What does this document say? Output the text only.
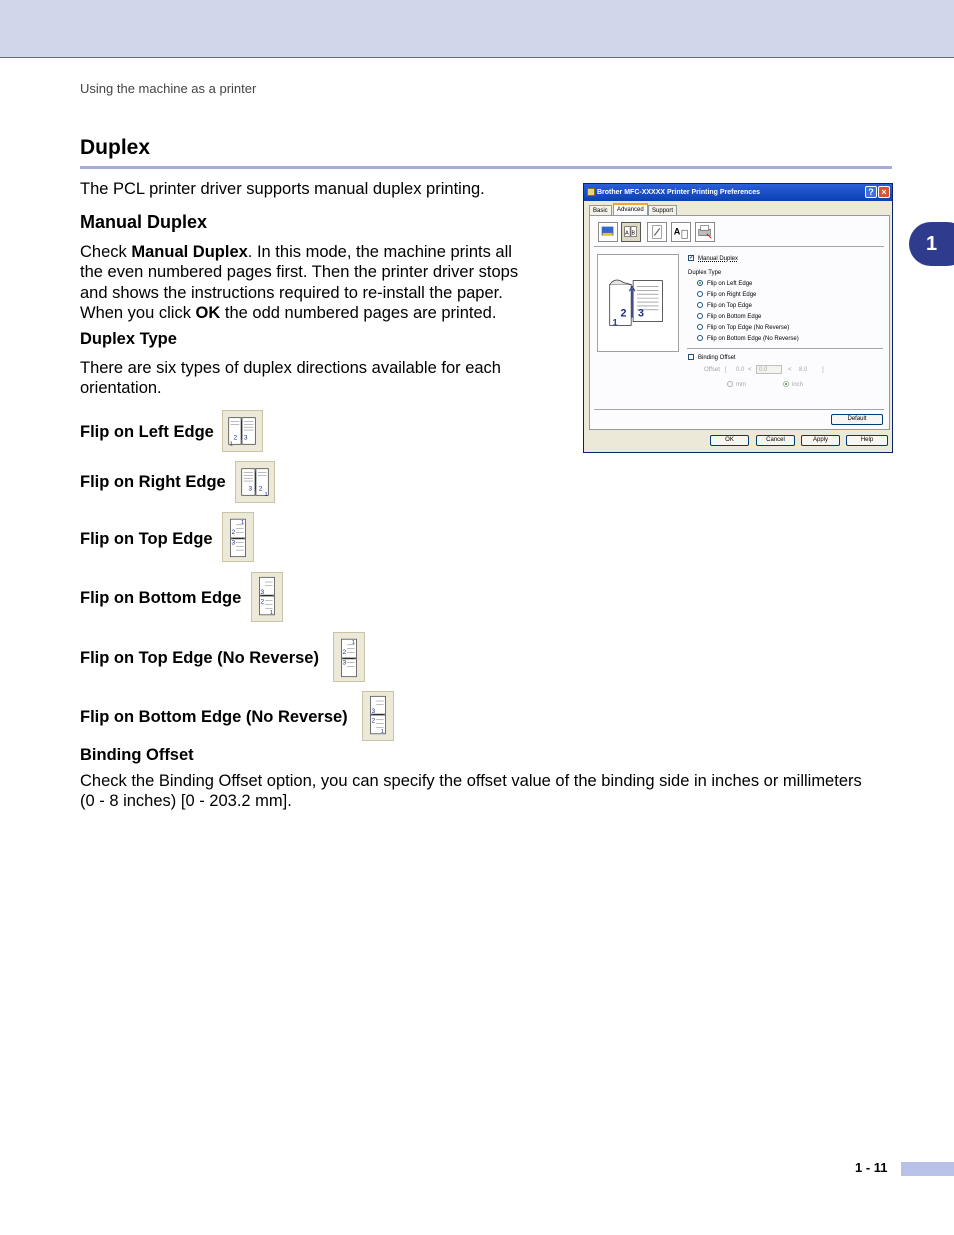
Using the machine as a printer
1
Duplex
The PCL printer driver supports manual duplex printing.
Manual Duplex
Check Manual Duplex. In this mode, the machine prints all
the even numbered pages first. Then the printer driver stops
and shows the instructions required to re-install the paper.
When you click OK the odd numbered pages are printed.
Duplex Type
There are six types of duplex directions available for each
orientation.
Flip on Left Edge	2 3
1
Flip on Right Edge	3 2
1
Flip on Top Edge	2
3
1
Flip on Bottom Edge	3
2
1
Flip on Top Edge (No Reverse)	2
3
1
Flip on Bottom Edge (No Reverse)	3
2
1
Binding Offset
Check the Binding Offset option, you can specify the offset value of the binding side in inches or millimeters
(0 - 8 inches) [0 - 203.2 mm].
Brother MFC-XXXXX Printer Printing Preferences	? ×
Basic	Advanced	Support
A B	A
2 3
1
✓ Manual Duplex
Duplex Type
Flip on Left Edge
Flip on Right Edge
Flip on Top Edge
Flip on Bottom Edge
Flip on Top Edge (No Reverse)
Flip on Bottom Edge (No Reverse)
Binding Offset
Offset [ 0.0 < 0.0	< 8.0 ]
mm	inch
Default
OK	Cancel	Apply	Help
1 - 11
